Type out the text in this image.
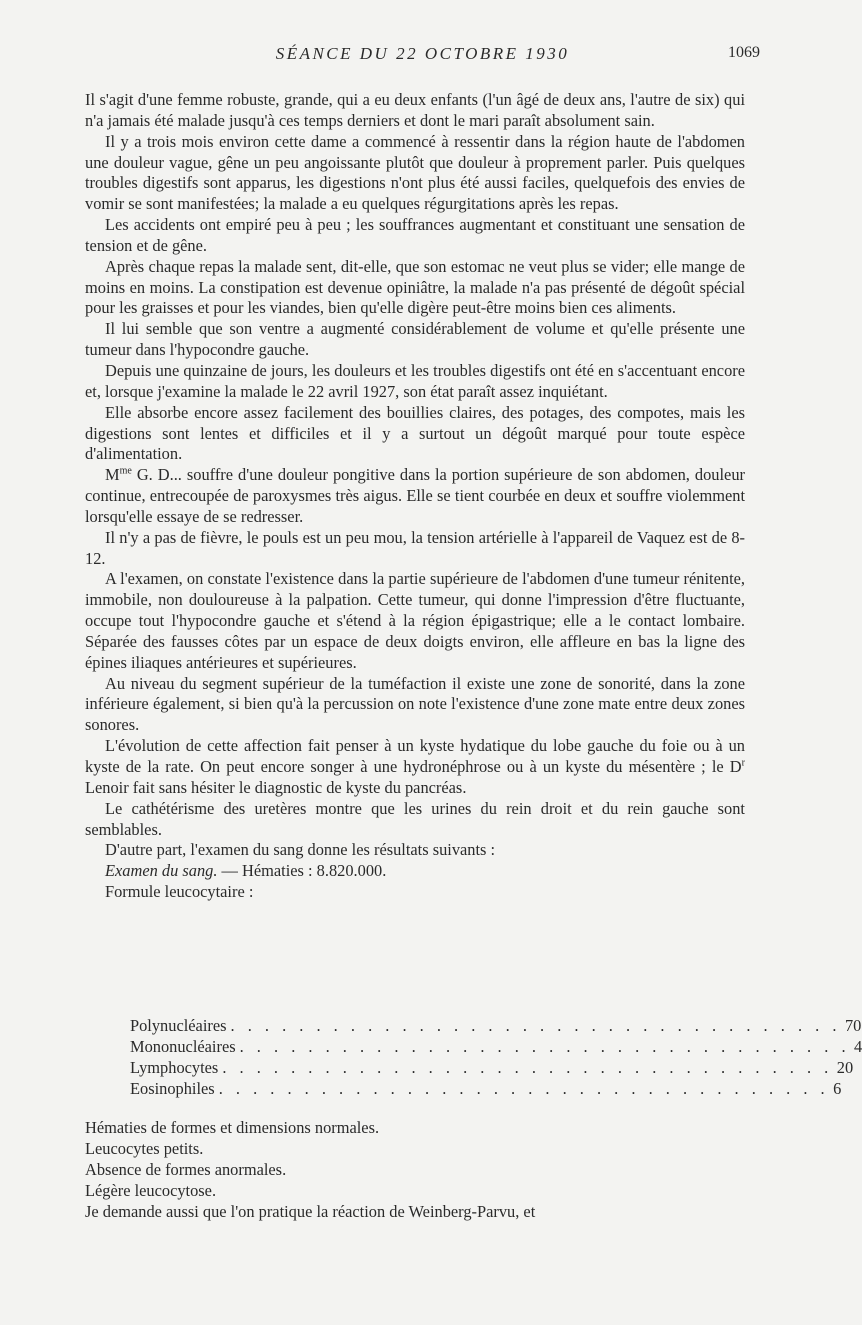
SÉANCE DU 22 OCTOBRE 1930	1069

Il s'agit d'une femme robuste, grande, qui a eu deux enfants (l'un âgé de deux ans, l'autre de six) qui n'a jamais été malade jusqu'à ces temps derniers et dont le mari paraît absolument sain.

Il y a trois mois environ cette dame a commencé à ressentir dans la région haute de l'abdomen une douleur vague, gêne un peu angoissante plutôt que douleur à proprement parler. Puis quelques troubles digestifs sont apparus, les digestions n'ont plus été aussi faciles, quelquefois des envies de vomir se sont manifestées; la malade a eu quelques régurgitations après les repas.

Les accidents ont empiré peu à peu ; les souffrances augmentant et constituant une sensation de tension et de gêne.

Après chaque repas la malade sent, dit-elle, que son estomac ne veut plus se vider; elle mange de moins en moins. La constipation est devenue opiniâtre, la malade n'a pas présenté de dégoût spécial pour les graisses et pour les viandes, bien qu'elle digère peut-être moins bien ces aliments.

Il lui semble que son ventre a augmenté considérablement de volume et qu'elle présente une tumeur dans l'hypocondre gauche.

Depuis une quinzaine de jours, les douleurs et les troubles digestifs ont été en s'accentuant encore et, lorsque j'examine la malade le 22 avril 1927, son état paraît assez inquiétant.

Elle absorbe encore assez facilement des bouillies claires, des potages, des compotes, mais les digestions sont lentes et difficiles et il y a surtout un dégoût marqué pour toute espèce d'alimentation.

$M^{me}$ G. D... souffre d'une douleur pongitive dans la portion supérieure de son abdomen, douleur continue, entrecoupée de paroxysmes très aigus. Elle se tient courbée en deux et souffre violemment lorsqu'elle essaye de se redresser.

Il n'y a pas de fièvre, le pouls est un peu mou, la tension artérielle à l'appareil de Vaquez est de 8-12.

A l'examen, on constate l'existence dans la partie supérieure de l'abdomen d'une tumeur rénitente, immobile, non douloureuse à la palpation. Cette tumeur, qui donne l'impression d'être fluctuante, occupe tout l'hypocondre gauche et s'étend à la région épigastrique; elle a le contact lombaire. Séparée des fausses côtes par un espace de deux doigts environ, elle affleure en bas la ligne des épines iliaques antérieures et supérieures.

Au niveau du segment supérieur de la tuméfaction il existe une zone de sonorité, dans la zone inférieure également, si bien qu'à la percussion on note l'existence d'une zone mate entre deux zones sonores.

L'évolution de cette affection fait penser à un kyste hydatique du lobe gauche du foie ou à un kyste de la rate. On peut encore songer à une hydronéphrose ou à un kyste du mésentère ; le $D^r$ Lenoir fait sans hésiter le diagnostic de kyste du pancréas.

Le cathétérisme des uretères montre que les urines du rein droit et du rein gauche sont semblables.

D'autre part, l'examen du sang donne les résultats suivants :

Examen du sang. — Hématies : 8.820.000.

Formule leucocytaire :

Polynucléaires . . . . . . . . . . . . . . . . . . . . . . . . . . . . . . . . . . . . 70
Mononucléaires . . . . . . . . . . . . . . . . . . . . . . . . . . . . . . . . . . . . 4
Lymphocytes . . . . . . . . . . . . . . . . . . . . . . . . . . . . . . . . . . . . 20
Eosinophiles . . . . . . . . . . . . . . . . . . . . . . . . . . . . . . . . . . . . 6

Hématies de formes et dimensions normales.

Leucocytes petits.

Absence de formes anormales.

Légère leucocytose.

Je demande aussi que l'on pratique la réaction de Weinberg-Parvu, et
